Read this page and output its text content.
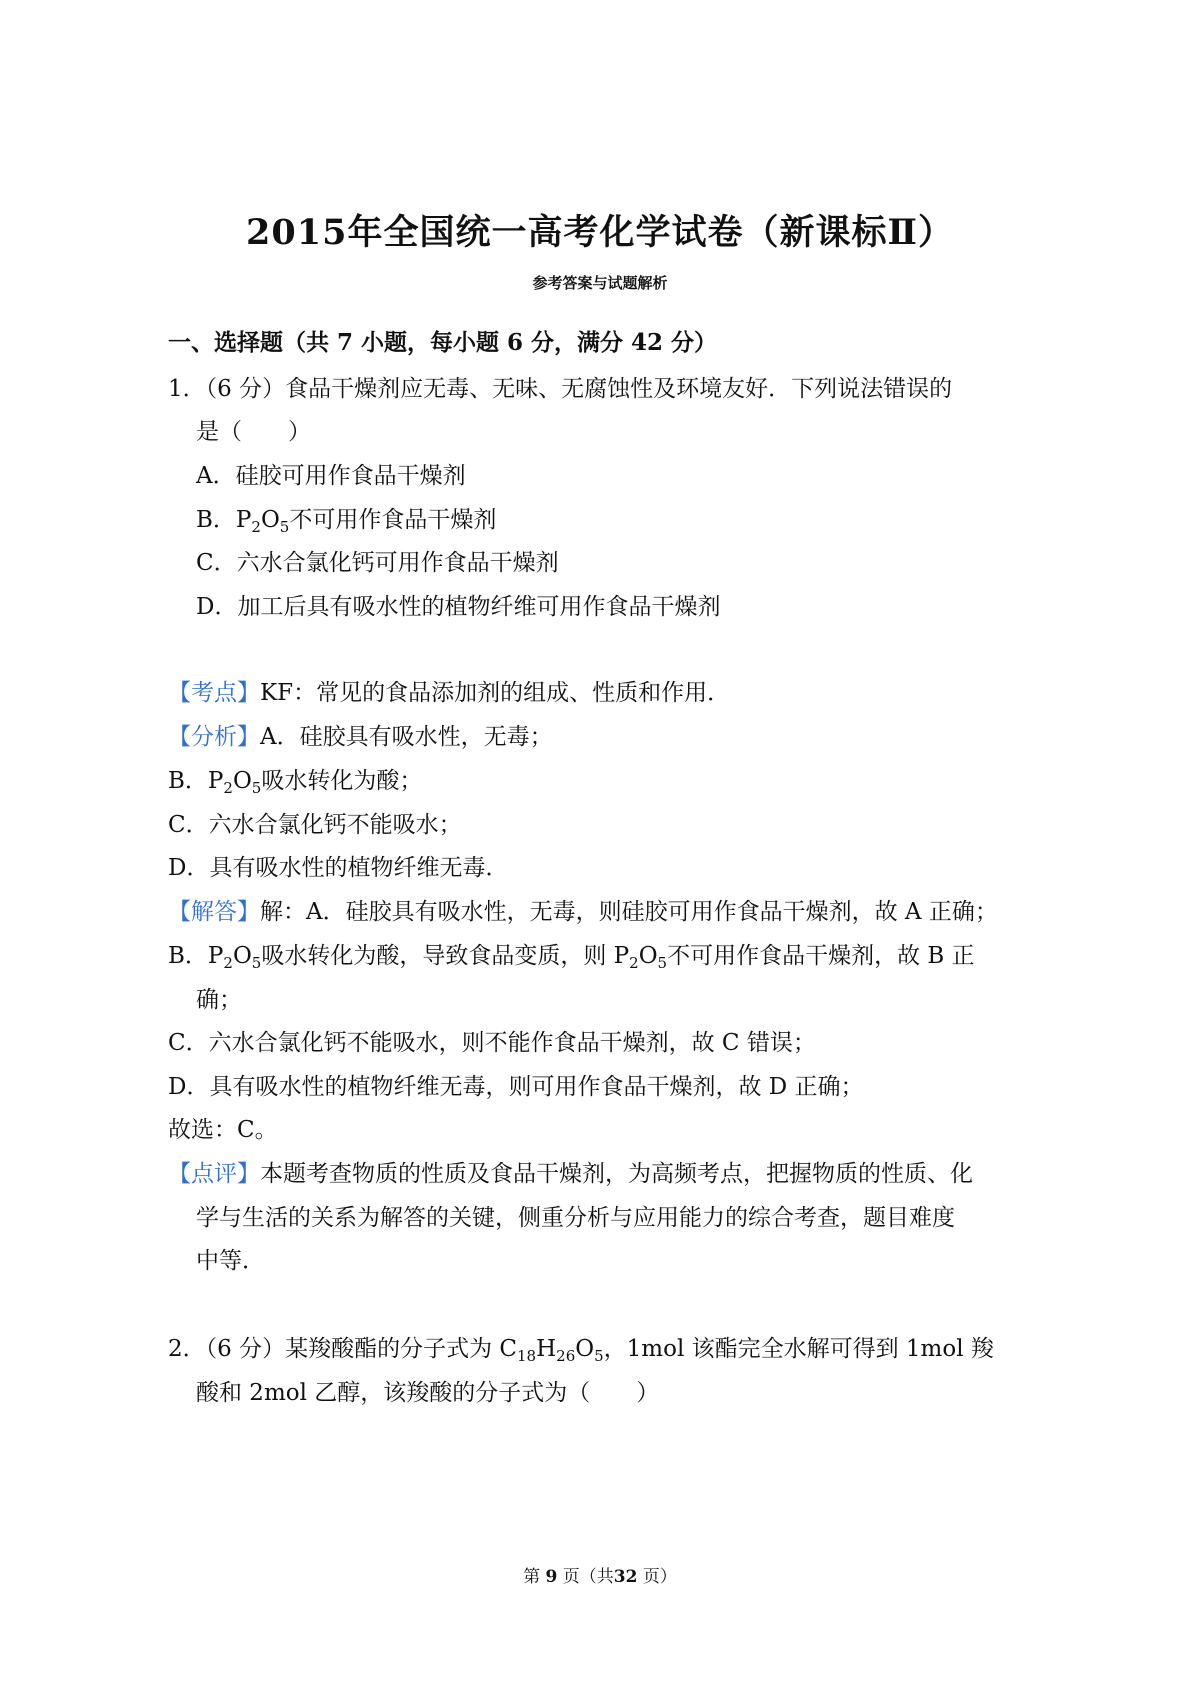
2015年全国统一高考化学试卷（新课标Ⅱ）
参考答案与试题解析
一、选择题（共 7 小题，每小题 6 分，满分 42 分）
1．（6 分）食品干燥剂应无毒、无味、无腐蚀性及环境友好．下列说法错误的
是（　　）
A．硅胶可用作食品干燥剂
B．$P_2O_5$不可用作食品干燥剂
C．六水合氯化钙可用作食品干燥剂
D．加工后具有吸水性的植物纤维可用作食品干燥剂
【考点】KF：常见的食品添加剂的组成、性质和作用．
【分析】A．硅胶具有吸水性，无毒；
B．$P_2O_5$吸水转化为酸；
C．六水合氯化钙不能吸水；
D．具有吸水性的植物纤维无毒．
【解答】解：A．硅胶具有吸水性，无毒，则硅胶可用作食品干燥剂，故 A 正确；
B．$P_2O_5$吸水转化为酸，导致食品变质，则 $P_2O_5$不可用作食品干燥剂，故 B 正
确；
C．六水合氯化钙不能吸水，则不能作食品干燥剂，故 C 错误；
D．具有吸水性的植物纤维无毒，则可用作食品干燥剂，故 D 正确；
故选：C。
【点评】本题考查物质的性质及食品干燥剂，为高频考点，把握物质的性质、化
学与生活的关系为解答的关键，侧重分析与应用能力的综合考查，题目难度
中等．
2．（6 分）某羧酸酯的分子式为 $C_{18}H_{26}O_5$，1mol 该酯完全水解可得到 1mol 羧
酸和 2mol 乙醇，该羧酸的分子式为（　　）
第 9 页（共32 页）
